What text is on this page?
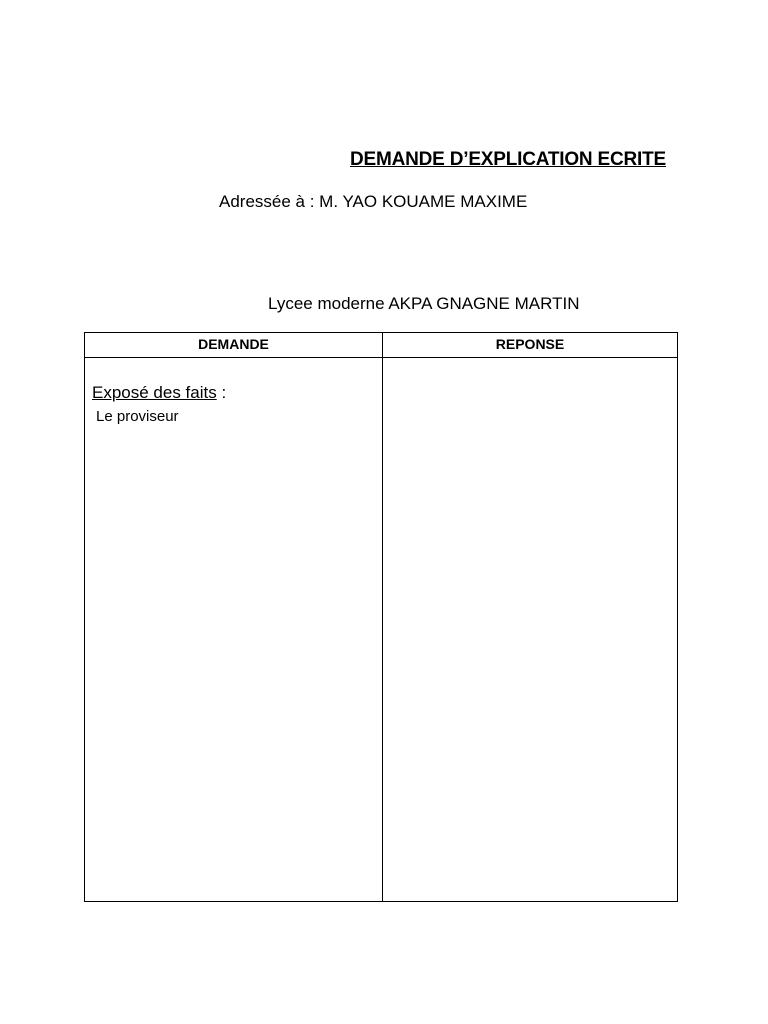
DEMANDE D’EXPLICATION ECRITE
Adressée à : M. YAO KOUAME MAXIME
Lycee moderne AKPA GNAGNE MARTIN
DEMANDE	REPONSE
Exposé des faits :
Le proviseur
